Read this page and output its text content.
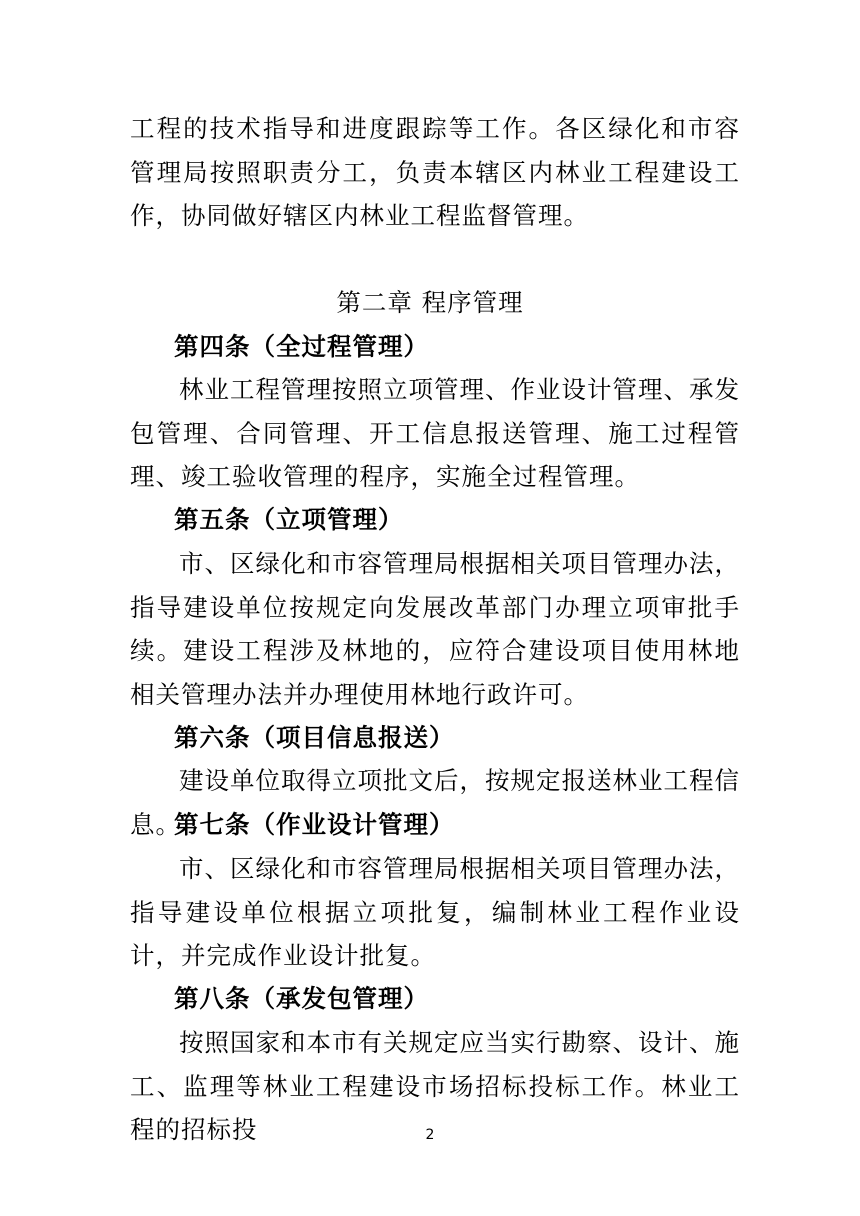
工程的技术指导和进度跟踪等工作。各区绿化和市容管理局按照职责分工，负责本辖区内林业工程建设工作，协同做好辖区内林业工程监督管理。

第二章 程序管理

第四条（全过程管理）

林业工程管理按照立项管理、作业设计管理、承发包管理、合同管理、开工信息报送管理、施工过程管理、竣工验收管理的程序，实施全过程管理。

第五条（立项管理）

市、区绿化和市容管理局根据相关项目管理办法，指导建设单位按规定向发展改革部门办理立项审批手续。建设工程涉及林地的，应符合建设项目使用林地相关管理办法并办理使用林地行政许可。

第六条（项目信息报送）

建设单位取得立项批文后，按规定报送林业工程信息。

第七条（作业设计管理）

市、区绿化和市容管理局根据相关项目管理办法，指导建设单位根据立项批复，编制林业工程作业设计，并完成作业设计批复。

第八条（承发包管理）

按照国家和本市有关规定应当实行勘察、设计、施工、监理等林业工程建设市场招标投标工作。林业工程的招标投	2
